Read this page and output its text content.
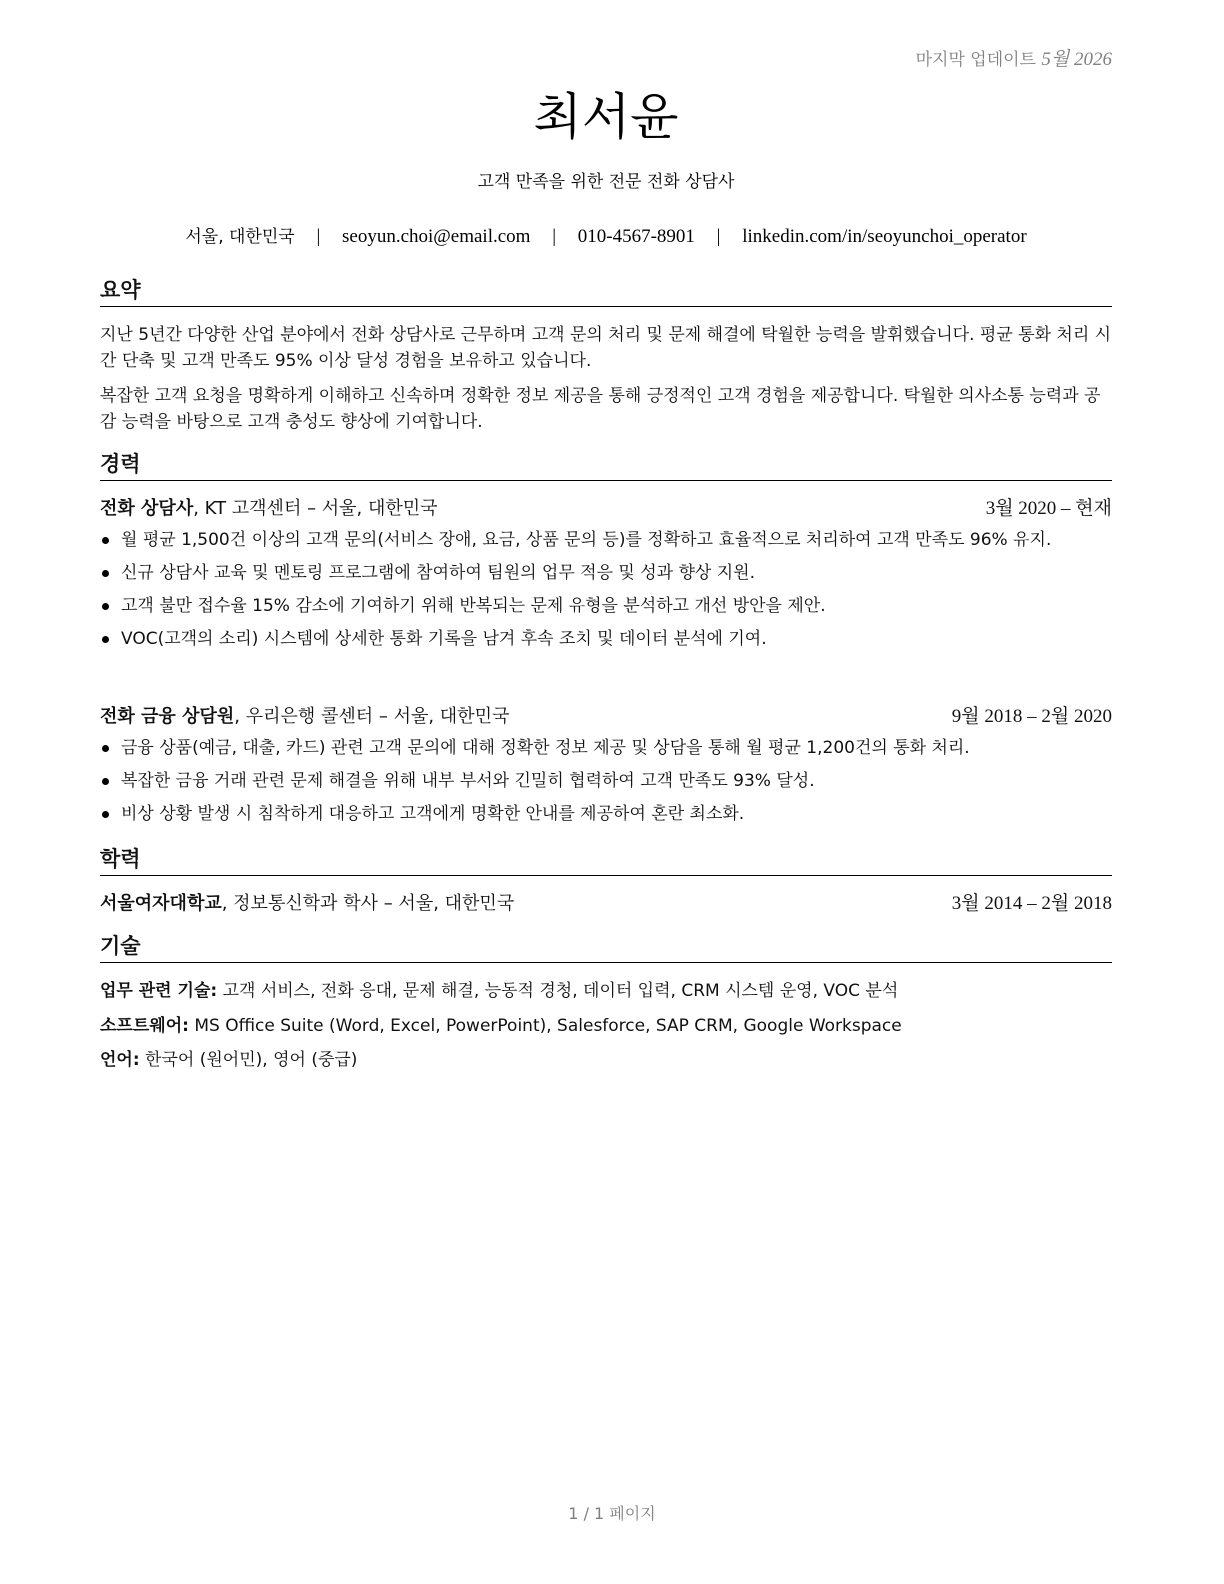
마지막 업데이트 5월 2026
최서윤
고객 만족을 위한 전문 전화 상담사
서울, 대한민국 | seoyun.choi@email.com | 010-4567-8901 | linkedin.com/in/seoyunchoi_operator
요약
지난 5년간 다양한 산업 분야에서 전화 상담사로 근무하며 고객 문의 처리 및 문제 해결에 탁월한 능력을 발휘했습니다. 평균 통화 처리 시간 단축 및 고객 만족도 95% 이상 달성 경험을 보유하고 있습니다.
복잡한 고객 요청을 명확하게 이해하고 신속하며 정확한 정보 제공을 통해 긍정적인 고객 경험을 제공합니다. 탁월한 의사소통 능력과 공감 능력을 바탕으로 고객 충성도 향상에 기여합니다.
경력
전화 상담사, KT 고객센터 – 서울, 대한민국	3월 2020 – 현재
월 평균 1,500건 이상의 고객 문의(서비스 장애, 요금, 상품 문의 등)를 정확하고 효율적으로 처리하여 고객 만족도 96% 유지.
신규 상담사 교육 및 멘토링 프로그램에 참여하여 팀원의 업무 적응 및 성과 향상 지원.
고객 불만 접수율 15% 감소에 기여하기 위해 반복되는 문제 유형을 분석하고 개선 방안을 제안.
VOC(고객의 소리) 시스템에 상세한 통화 기록을 남겨 후속 조치 및 데이터 분석에 기여.
전화 금융 상담원, 우리은행 콜센터 – 서울, 대한민국	9월 2018 – 2월 2020
금융 상품(예금, 대출, 카드) 관련 고객 문의에 대해 정확한 정보 제공 및 상담을 통해 월 평균 1,200건의 통화 처리.
복잡한 금융 거래 관련 문제 해결을 위해 내부 부서와 긴밀히 협력하여 고객 만족도 93% 달성.
비상 상황 발생 시 침착하게 대응하고 고객에게 명확한 안내를 제공하여 혼란 최소화.
학력
서울여자대학교, 정보통신학과 학사 – 서울, 대한민국	3월 2014 – 2월 2018
기술
업무 관련 기술: 고객 서비스, 전화 응대, 문제 해결, 능동적 경청, 데이터 입력, CRM 시스템 운영, VOC 분석
소프트웨어: MS Office Suite (Word, Excel, PowerPoint), Salesforce, SAP CRM, Google Workspace
언어: 한국어 (원어민), 영어 (중급)
1 / 1 페이지
